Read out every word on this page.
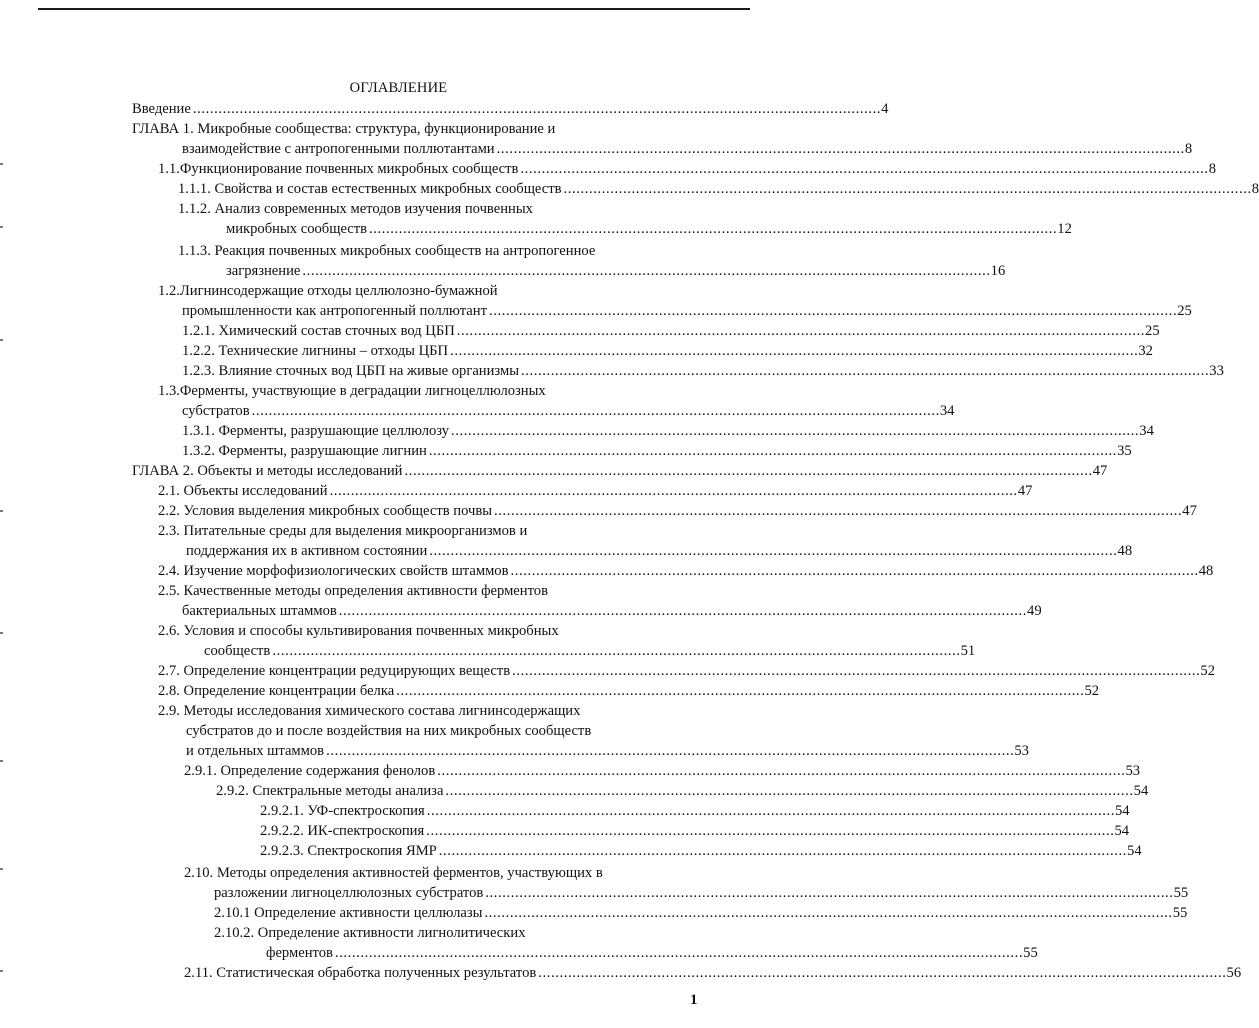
ОГЛАВЛЕНИЕ
Введение .................................................................................................................................................................. 4
ГЛАВА 1. Микробные сообщества: структура, функционирование и
взаимодействие с антропогенными поллютантами .................................................................................................................................................................. 8
1.1.Функционирование почвенных микробных сообществ .................................................................................................................................................................. 8
1.1.1. Свойства и состав естественных микробных сообществ .................................................................................................................................................................. 8
1.1.2. Анализ современных методов изучения почвенных
микробных сообществ .................................................................................................................................................................. 12
1.1.3. Реакция почвенных микробных сообществ на антропогенное
загрязнение .................................................................................................................................................................. 16
1.2.Лигнинсодержащие отходы целлюлозно-бумажной
промышленности как антропогенный поллютант .................................................................................................................................................................. 25
1.2.1. Химический состав сточных вод ЦБП .................................................................................................................................................................. 25
1.2.2. Технические лигнины – отходы ЦБП .................................................................................................................................................................. 32
1.2.3. Влияние сточных вод ЦБП на живые организмы .................................................................................................................................................................. 33
1.3.Ферменты, участвующие в деградации лигноцеллюлозных
субстратов .................................................................................................................................................................. 34
1.3.1. Ферменты, разрушающие целлюлозу .................................................................................................................................................................. 34
1.3.2. Ферменты, разрушающие лигнин .................................................................................................................................................................. 35
ГЛАВА 2. Объекты и методы исследований .................................................................................................................................................................. 47
2.1. Объекты исследований .................................................................................................................................................................. 47
2.2. Условия выделения микробных сообществ почвы .................................................................................................................................................................. 47
2.3. Питательные среды для выделения микроорганизмов и
поддержания их в активном состоянии .................................................................................................................................................................. 48
2.4. Изучение морфофизиологических свойств штаммов .................................................................................................................................................................. 48
2.5. Качественные методы определения активности ферментов
бактериальных штаммов .................................................................................................................................................................. 49
2.6. Условия и способы культивирования почвенных микробных
сообществ .................................................................................................................................................................. 51
2.7. Определение концентрации редуцирующих веществ .................................................................................................................................................................. 52
2.8. Определение концентрации белка .................................................................................................................................................................. 52
2.9. Методы исследования химического состава лигнинсодержащих
субстратов до и после воздействия на них микробных сообществ
и отдельных штаммов .................................................................................................................................................................. 53
2.9.1. Определение содержания фенолов .................................................................................................................................................................. 53
2.9.2. Спектральные методы анализа .................................................................................................................................................................. 54
2.9.2.1. УФ-спектроскопия .................................................................................................................................................................. 54
2.9.2.2. ИК-спектроскопия .................................................................................................................................................................. 54
2.9.2.3. Спектроскопия ЯМР .................................................................................................................................................................. 54
2.10. Методы определения активностей ферментов, участвующих в
разложении лигноцеллюлозных субстратов .................................................................................................................................................................. 55
2.10.1 Определение активности целлюлазы .................................................................................................................................................................. 55
2.10.2. Определение активности лигнолитических
ферментов .................................................................................................................................................................. 55
2.11. Статистическая обработка полученных результатов .................................................................................................................................................................. 56
1
